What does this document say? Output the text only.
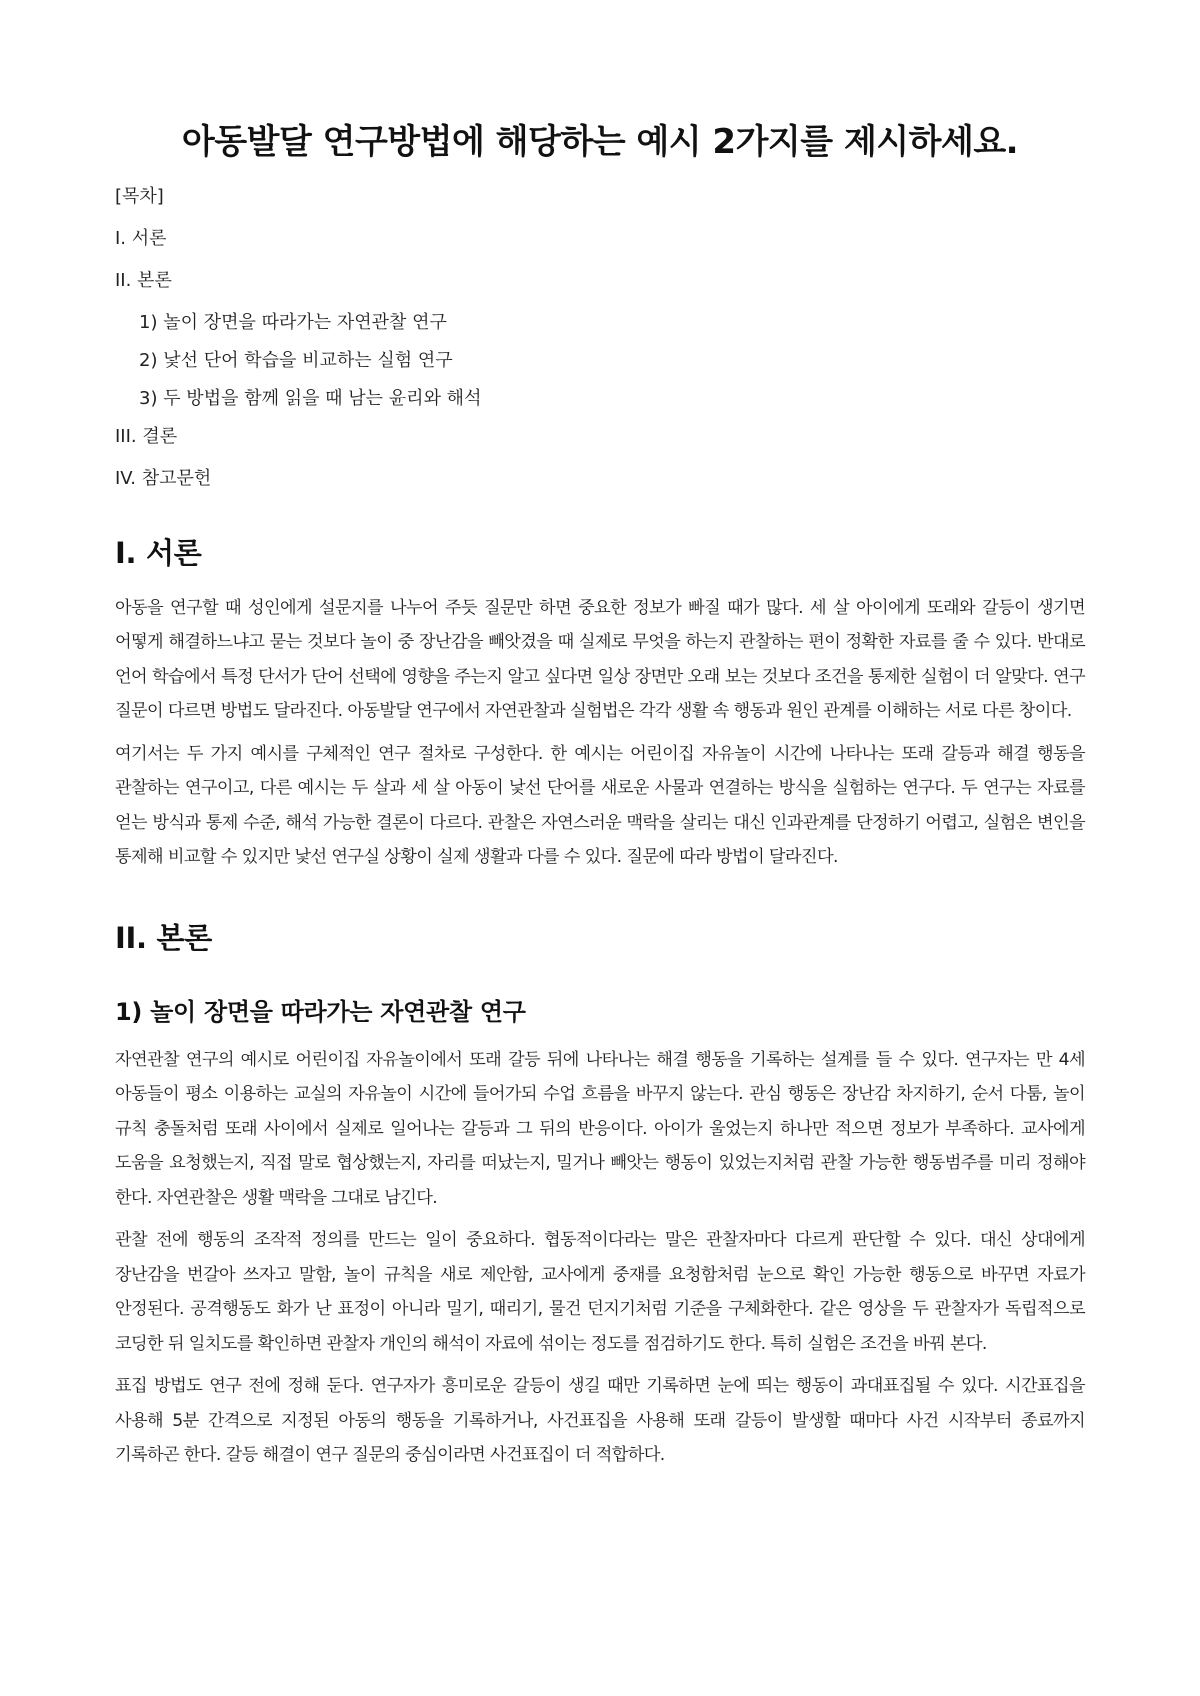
아동발달 연구방법에 해당하는 예시 2가지를 제시하세요.
[목차]
I. 서론
II. 본론
1) 놀이 장면을 따라가는 자연관찰 연구
2) 낯선 단어 학습을 비교하는 실험 연구
3) 두 방법을 함께 읽을 때 남는 윤리와 해석
III. 결론
IV. 참고문헌
I. 서론

아동을 연구할 때 성인에게 설문지를 나누어 주듯 질문만 하면 중요한 정보가 빠질 때가 많다. 세 살 아이에게 또래와 갈등이 생기면 어떻게 해결하느냐고 묻는 것보다 놀이 중 장난감을 빼앗겼을 때 실제로 무엇을 하는지 관찰하는 편이 정확한 자료를 줄 수 있다. 반대로 언어 학습에서 특정 단서가 단어 선택에 영향을 주는지 알고 싶다면 일상 장면만 오래 보는 것보다 조건을 통제한 실험이 더 알맞다. 연구 질문이 다르면 방법도 달라진다. 아동발달 연구에서 자연관찰과 실험법은 각각 생활 속 행동과 원인 관계를 이해하는 서로 다른 창이다.

여기서는 두 가지 예시를 구체적인 연구 절차로 구성한다. 한 예시는 어린이집 자유놀이 시간에 나타나는 또래 갈등과 해결 행동을 관찰하는 연구이고, 다른 예시는 두 살과 세 살 아동이 낯선 단어를 새로운 사물과 연결하는 방식을 실험하는 연구다. 두 연구는 자료를 얻는 방식과 통제 수준, 해석 가능한 결론이 다르다. 관찰은 자연스러운 맥락을 살리는 대신 인과관계를 단정하기 어렵고, 실험은 변인을 통제해 비교할 수 있지만 낯선 연구실 상황이 실제 생활과 다를 수 있다. 질문에 따라 방법이 달라진다.

II. 본론
1) 놀이 장면을 따라가는 자연관찰 연구

자연관찰 연구의 예시로 어린이집 자유놀이에서 또래 갈등 뒤에 나타나는 해결 행동을 기록하는 설계를 들 수 있다. 연구자는 만 4세 아동들이 평소 이용하는 교실의 자유놀이 시간에 들어가되 수업 흐름을 바꾸지 않는다. 관심 행동은 장난감 차지하기, 순서 다툼, 놀이 규칙 충돌처럼 또래 사이에서 실제로 일어나는 갈등과 그 뒤의 반응이다. 아이가 울었는지 하나만 적으면 정보가 부족하다. 교사에게 도움을 요청했는지, 직접 말로 협상했는지, 자리를 떠났는지, 밀거나 빼앗는 행동이 있었는지처럼 관찰 가능한 행동범주를 미리 정해야 한다. 자연관찰은 생활 맥락을 그대로 남긴다.

관찰 전에 행동의 조작적 정의를 만드는 일이 중요하다. 협동적이다라는 말은 관찰자마다 다르게 판단할 수 있다. 대신 상대에게 장난감을 번갈아 쓰자고 말함, 놀이 규칙을 새로 제안함, 교사에게 중재를 요청함처럼 눈으로 확인 가능한 행동으로 바꾸면 자료가 안정된다. 공격행동도 화가 난 표정이 아니라 밀기, 때리기, 물건 던지기처럼 기준을 구체화한다. 같은 영상을 두 관찰자가 독립적으로 코딩한 뒤 일치도를 확인하면 관찰자 개인의 해석이 자료에 섞이는 정도를 점검하기도 한다. 특히 실험은 조건을 바꿔 본다.

표집 방법도 연구 전에 정해 둔다. 연구자가 흥미로운 갈등이 생길 때만 기록하면 눈에 띄는 행동이 과대표집될 수 있다. 시간표집을 사용해 5분 간격으로 지정된 아동의 행동을 기록하거나, 사건표집을 사용해 또래 갈등이 발생할 때마다 사건 시작부터 종료까지 기록하곤 한다. 갈등 해결이 연구 질문의 중심이라면 사건표집이 더 적합하다.
